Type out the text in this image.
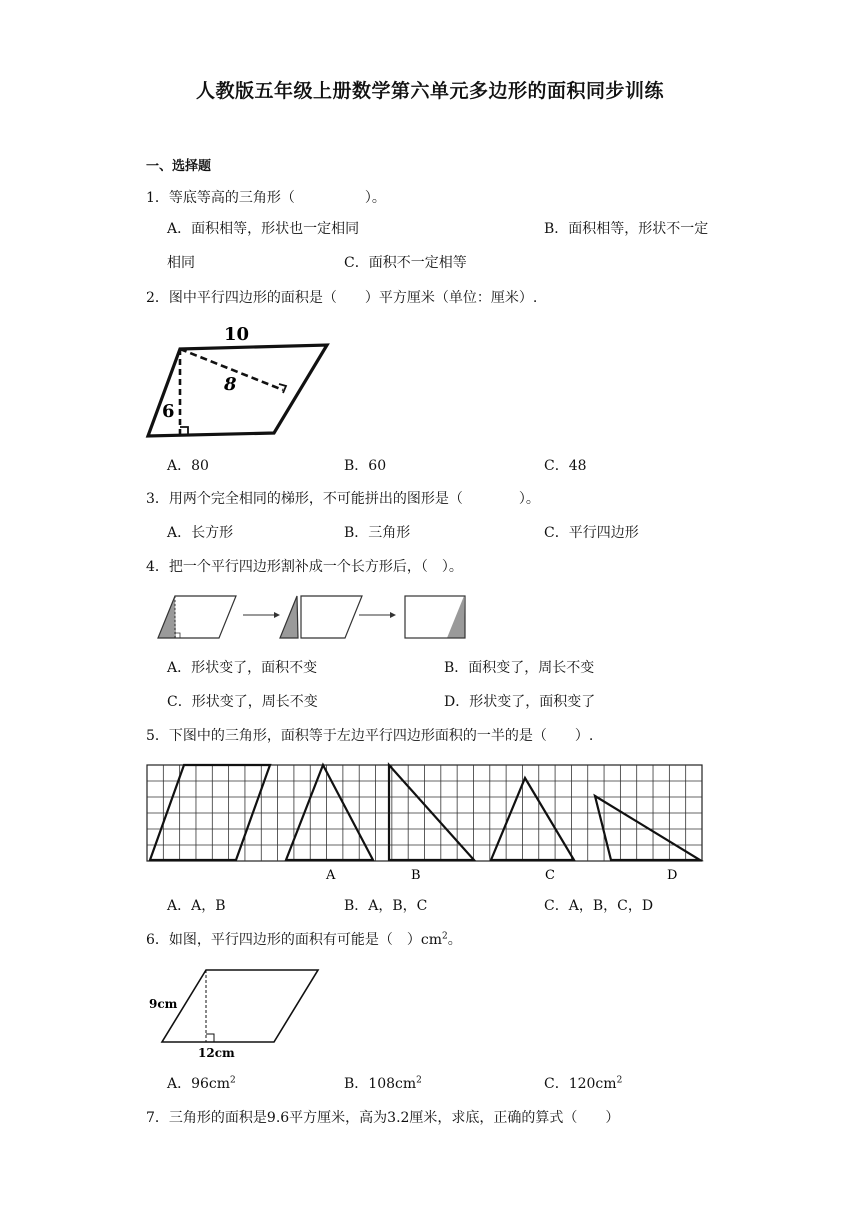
人教版五年级上册数学第六单元多边形的面积同步训练
一、选择题
1．等底等高的三角形（　　　　　）。
A．面积相等，形状也一定相同	B．面积相等，形状不一定
相同	C．面积不一定相等
2．图中平行四边形的面积是（　　）平方厘米（单位：厘米）.
10
8
6
A．80	B．60	C．48
3．用两个完全相同的梯形，不可能拼出的图形是（　　　　）。
A．长方形	B．三角形	C．平行四边形
4．把一个平行四边形割补成一个长方形后，（　）。
A．形状变了，面积不变	B．面积变了，周长不变
C．形状变了，周长不变	D．形状变了，面积变了
5．下图中的三角形，面积等于左边平行四边形面积的一半的是（　　）.
A	B	C	D
A．A，B	B．A，B，C	C．A，B，C，D
6．如图，平行四边形的面积有可能是（　）$cm^2$。
9cm
12cm
A．$96cm^2$	B．$108cm^2$	C．$120cm^2$
7．三角形的面积是9.6平方厘米，高为3.2厘米，求底，正确的算式（　　）
